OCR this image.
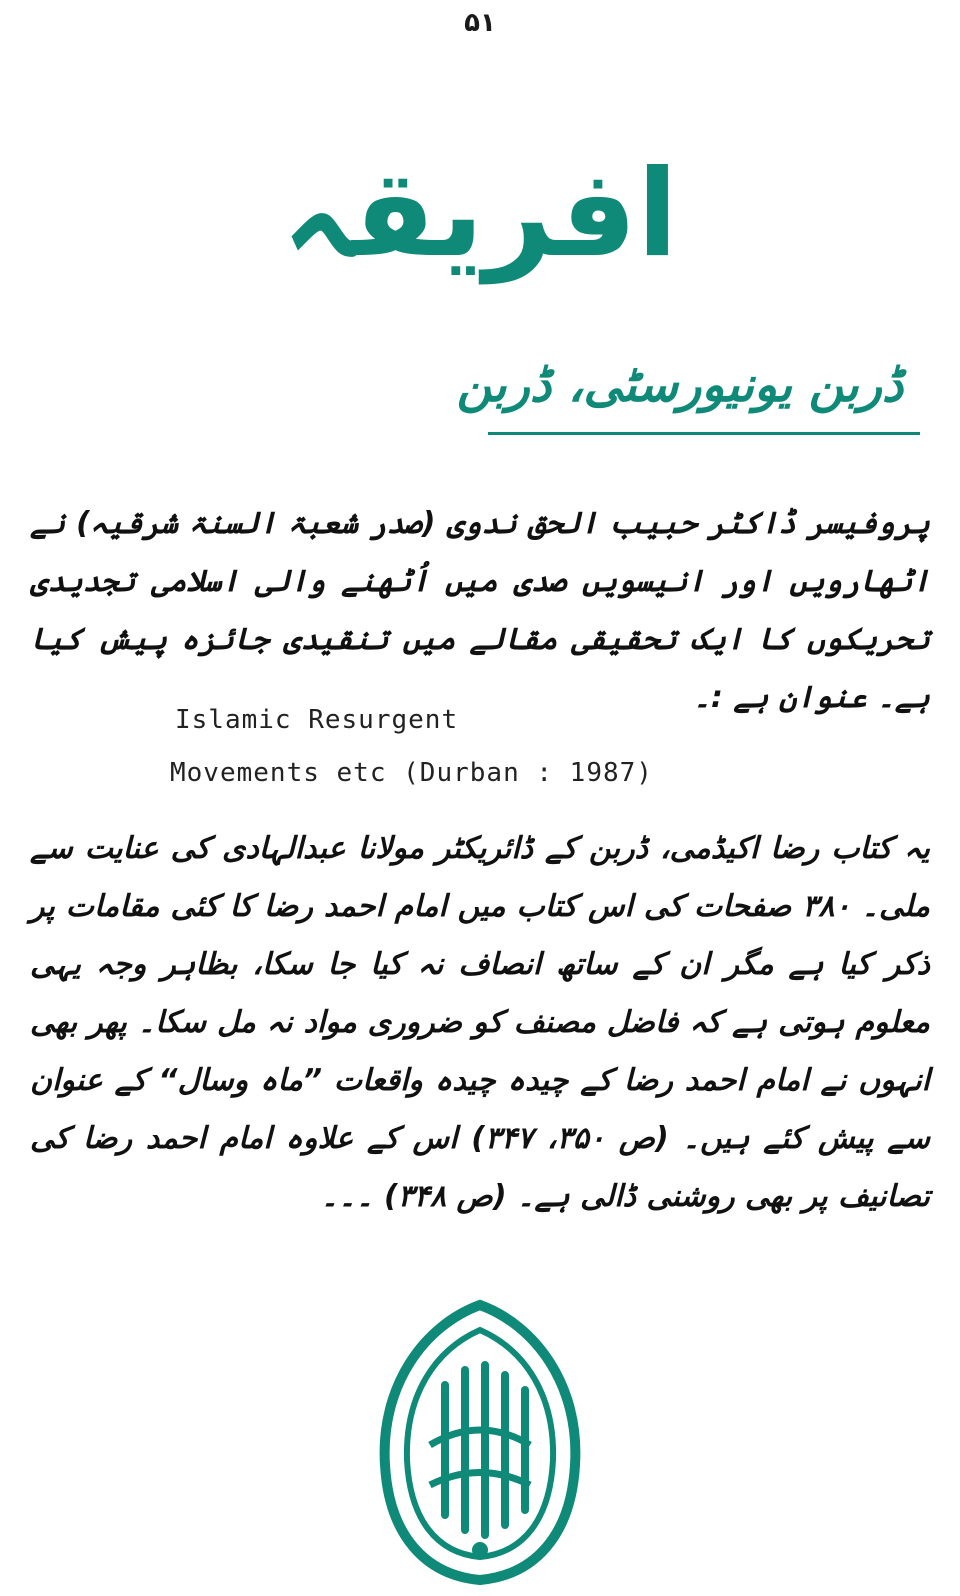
۵۱
افریقہ
ڈربن یونیورسٹی، ڈربن
پروفیسر ڈاکٹر حبیب الحق ندوی (صدر شعبۃ السنۃ شرقیہ) نے اٹھارویں اور انیسویں صدی میں اُٹھنے والی اسلامی تجدیدی تحریکوں کا ایک تحقیقی مقالے میں تنقیدی جائزہ پیش کیا ہے۔ عنوان ہے :۔
Islamic Resurgent
Movements etc (Durban : 1987)
یہ کتاب رضا اکیڈمی، ڈربن کے ڈائریکٹر مولانا عبدالہادی کی عنایت سے ملی۔ ۳۸۰ صفحات کی اس کتاب میں امام احمد رضا کا کئی مقامات پر ذکر کیا ہے مگر ان کے ساتھ انصاف نہ کیا جا سکا، بظاہر وجہ یہی معلوم ہوتی ہے کہ فاضل مصنف کو ضروری مواد نہ مل سکا۔ پھر بھی انہوں نے امام احمد رضا کے چیدہ چیدہ واقعات ”ماہ وسال“ کے عنوان سے پیش کئے ہیں۔ (ص ۳۵۰، ۳۴۷) اس کے علاوہ امام احمد رضا کی تصانیف پر بھی روشنی ڈالی ہے۔ (ص ۳۴۸) ۔۔۔
